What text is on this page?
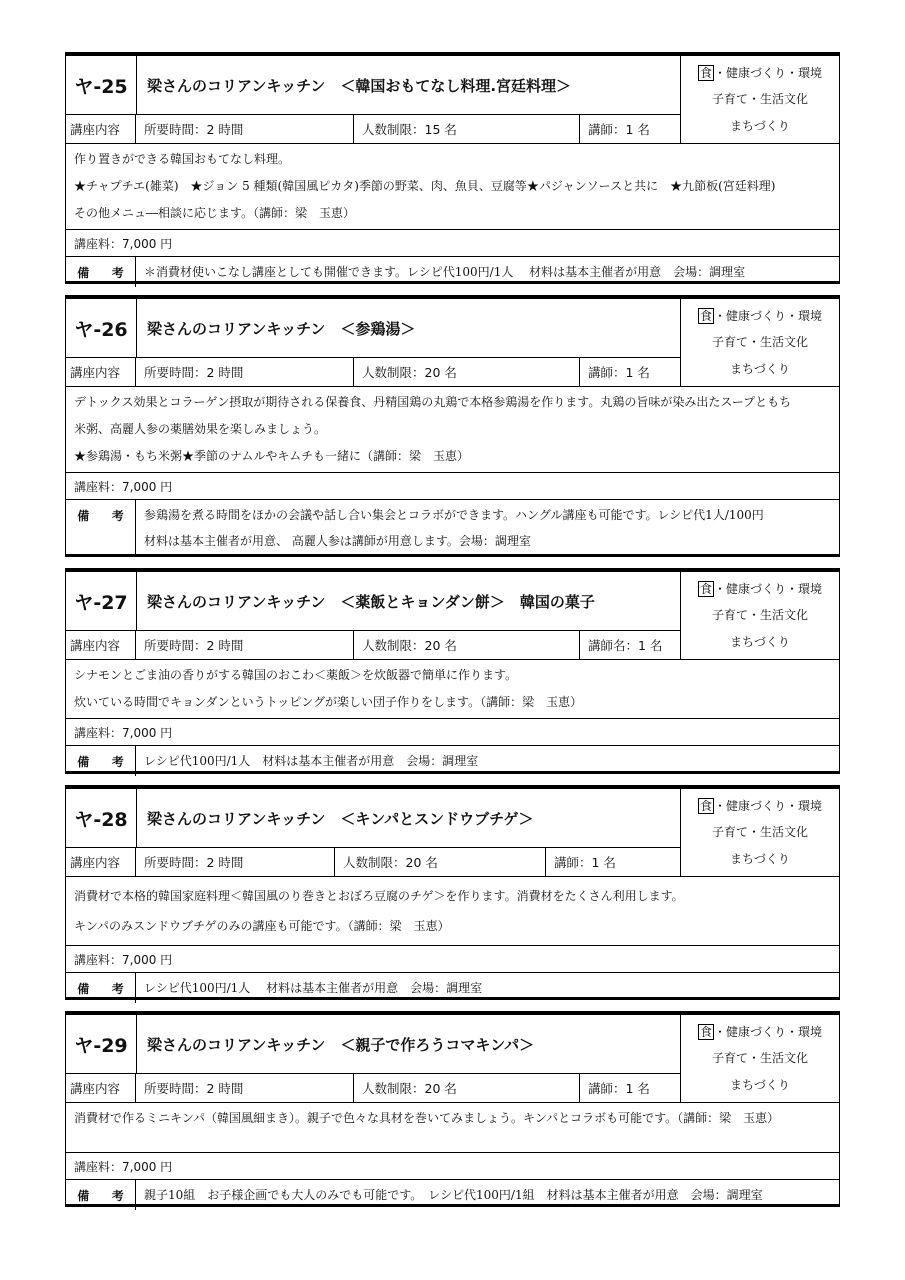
ヤ-25	梁さんのコリアンキッチン　＜韓国おもてなし料理.宮廷料理＞
講座内容	所要時間：2 時間	人数制限：15 名	講師：1 名
食 ・健康づくり・環境
子育て・生活文化
まちづくり

作り置きができる韓国おもてなし料理。

★チャプチエ(雑菜)　★ジョン 5 種類(韓国風ピカタ)季節の野菜、肉、魚貝、豆腐等★パジャンソースと共に　★九節板(宮廷料理)

その他メニュ―相談に応じます。（講師：梁　玉恵）

講座料：7,000 円
備 考 ＊消費材使いこなし講座としても開催できます。レシピ代100円/1人　 材料は基本主催者が用意　会場：調理室

ヤ-26	梁さんのコリアンキッチン　＜参鶏湯＞
講座内容	所要時間：2 時間	人数制限：20 名	講師：1 名
食 ・健康づくり・環境
子育て・生活文化
まちづくり

デトックス効果とコラーゲン摂取が期待される保養食、丹精国鶏の丸鶏で本格参鶏湯を作ります。丸鶏の旨味が染み出たスープともち

米粥、高麗人参の薬膳効果を楽しみましょう。

★参鶏湯・もち米粥★季節のナムルやキムチも一緒に（講師：梁　玉恵）

講座料：7,000 円
備 考 参鶏湯を煮る時間をほかの会議や話し合い集会とコラボができます。ハングル講座も可能です。レシピ代1人/100円

材料は基本主催者が用意、 高麗人参は講師が用意します。会場：調理室

ヤ-27	梁さんのコリアンキッチン　＜薬飯とキョンダン餅＞　韓国の菓子
講座内容	所要時間：2 時間	人数制限：20 名	講師名：1 名
食 ・健康づくり・環境
子育て・生活文化
まちづくり

シナモンとごま油の香りがする韓国のおこわ＜薬飯＞を炊飯器で簡単に作ります。

炊いている時間でキョンダンというトッピングが楽しい団子作りをします。（講師：梁　玉恵）

講座料：7,000 円
備 考 レシピ代100円/1人　材料は基本主催者が用意　会場：調理室

ヤ-28	梁さんのコリアンキッチン　＜キンパとスンドウブチゲ＞
講座内容	所要時間：2 時間	人数制限：20 名	講師：1 名
食 ・健康づくり・環境
子育て・生活文化
まちづくり

消費材で本格的韓国家庭料理＜韓国風のり巻きとおぼろ豆腐のチゲ＞を作ります。消費材をたくさん利用します。

キンパのみスンドウブチゲのみの講座も可能です。（講師：梁　玉恵）

講座料：7,000 円
備 考 レシピ代100円/1人　 材料は基本主催者が用意　会場：調理室

ヤ-29	梁さんのコリアンキッチン　＜親子で作ろうコマキンパ＞
講座内容	所要時間：2 時間	人数制限：20 名	講師：1 名
食 ・健康づくり・環境
子育て・生活文化
まちづくり

消費材で作るミニキンパ（韓国風細まき）。親子で色々な具材を巻いてみましょう。キンパとコラボも可能です。（講師：梁　玉恵）

講座料：7,000 円
備 考 親子10組　お子様企画でも大人のみでも可能です。　レシピ代100円/1組　材料は基本主催者が用意　会場：調理室
